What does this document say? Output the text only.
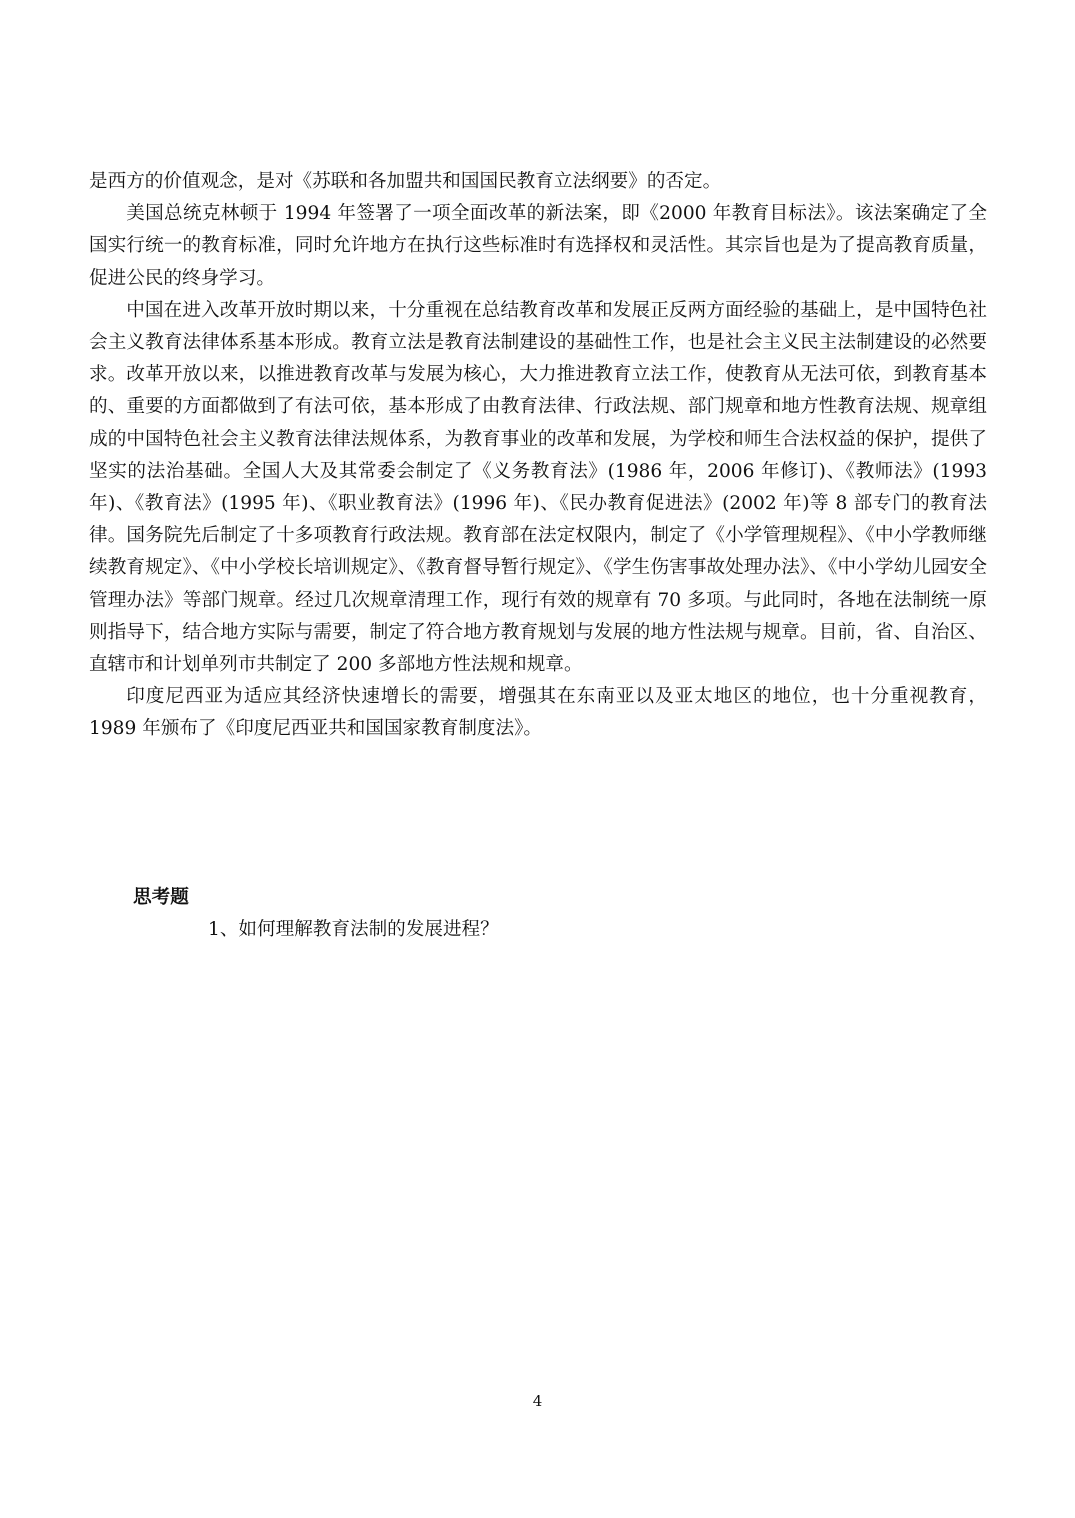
是西方的价值观念，是对《苏联和各加盟共和国国民教育立法纲要》的否定。

美国总统克林顿于 1994 年签署了一项全面改革的新法案，即《2000 年教育目标法》。该法案确定了全国实行统一的教育标准，同时允许地方在执行这些标准时有选择权和灵活性。其宗旨也是为了提高教育质量，促进公民的终身学习。

中国在进入改革开放时期以来，十分重视在总结教育改革和发展正反两方面经验的基础上，是中国特色社会主义教育法律体系基本形成。教育立法是教育法制建设的基础性工作，也是社会主义民主法制建设的必然要求。改革开放以来，以推进教育改革与发展为核心，大力推进教育立法工作，使教育从无法可依，到教育基本的、重要的方面都做到了有法可依，基本形成了由教育法律、行政法规、部门规章和地方性教育法规、规章组成的中国特色社会主义教育法律法规体系，为教育事业的改革和发展，为学校和师生合法权益的保护，提供了坚实的法治基础。全国人大及其常委会制定了《义务教育法》(1986 年，2006 年修订)、《教师法》(1993 年)、《教育法》(1995 年)、《职业教育法》(1996 年)、《民办教育促进法》(2002 年)等 8 部专门的教育法律。国务院先后制定了十多项教育行政法规。教育部在法定权限内，制定了《小学管理规程》、《中小学教师继续教育规定》、《中小学校长培训规定》、《教育督导暂行规定》、《学生伤害事故处理办法》、《中小学幼儿园安全管理办法》等部门规章。经过几次规章清理工作，现行有效的规章有 70 多项。与此同时，各地在法制统一原则指导下，结合地方实际与需要，制定了符合地方教育规划与发展的地方性法规与规章。目前，省、自治区、直辖市和计划单列市共制定了 200 多部地方性法规和规章。

印度尼西亚为适应其经济快速增长的需要，增强其在东南亚以及亚太地区的地位，也十分重视教育，1989 年颁布了《印度尼西亚共和国国家教育制度法》。

思考题

1、如何理解教育法制的发展进程？

4
